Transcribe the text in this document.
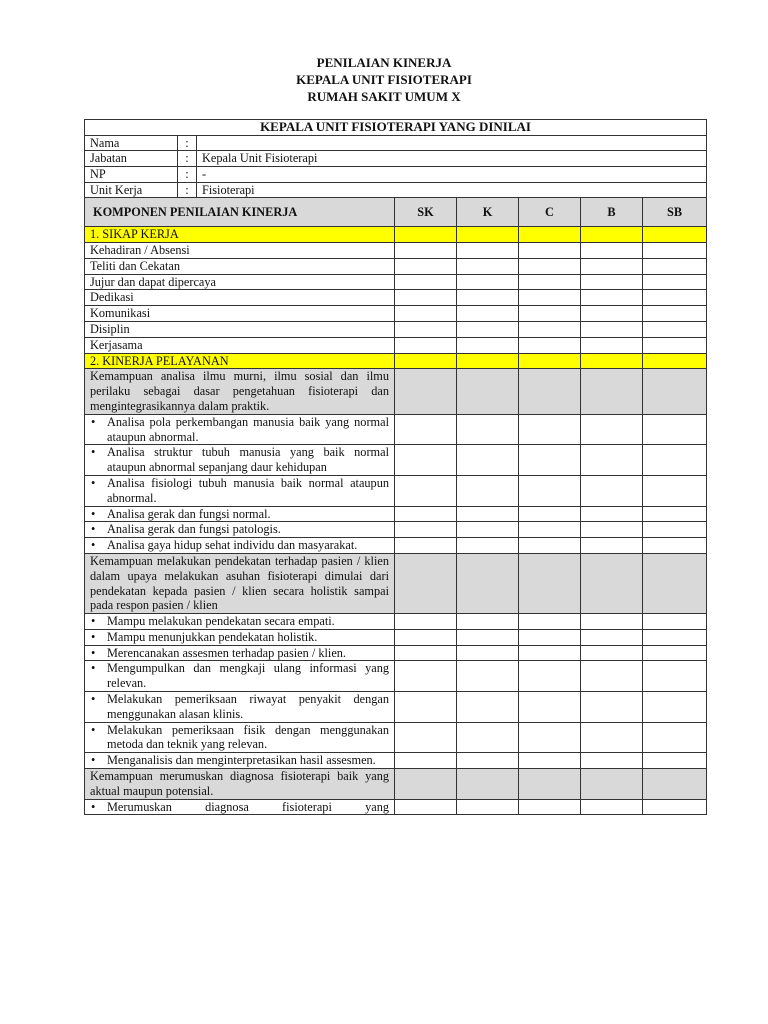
PENILAIAN KINERJA
KEPALA UNIT FISIOTERAPI
RUMAH SAKIT UMUM X
KEPALA UNIT FISIOTERAPI YANG DINILAI							
Nama	:						
Jabatan	:	Kepala Unit Fisioterapi					
NP	:	-					
Unit Kerja	:	Fisioterapi					
KOMPONEN PENILAIAN KINERJA			SK	K	C	B	SB
1. SIKAP KERJA							
Kehadiran / Absensi							
Teliti dan Cekatan							
Jujur dan dapat dipercaya							
Dedikasi							
Komunikasi							
Disiplin							
Kerjasama							
2. KINERJA PELAYANAN							
Kemampuan analisa ilmu murni, ilmu sosial dan ilmu perilaku sebagai dasar pengetahuan fisioterapi dan mengintegrasikannya dalam praktik.							
• Analisa pola perkembangan manusia baik yang normal ataupun abnormal.					
• Analisa struktur tubuh manusia yang baik normal ataupun abnormal sepanjang daur kehidupan					
• Analisa fisiologi tubuh manusia baik normal ataupun abnormal.					
• Analisa gerak dan fungsi normal.					
• Analisa gerak dan fungsi patologis.					
• Analisa gaya hidup sehat individu dan masyarakat.					
Kemampuan melakukan pendekatan terhadap pasien / klien dalam upaya melakukan asuhan fisioterapi dimulai dari pendekatan kepada pasien / klien secara holistik sampai pada respon pasien / klien							
• Mampu melakukan pendekatan secara empati.					
• Mampu menunjukkan pendekatan holistik.					
• Merencanakan assesmen terhadap pasien / klien.					
• Mengumpulkan dan mengkaji ulang informasi yang relevan.					
• Melakukan pemeriksaan riwayat penyakit dengan menggunakan alasan klinis.					
• Melakukan pemeriksaan fisik dengan menggunakan metoda dan teknik yang relevan.					
• Menganalisis dan menginterpretasikan hasil assesmen.					
Kemampuan merumuskan diagnosa fisioterapi baik yang aktual maupun potensial.							
• Merumuskan diagnosa fisioterapi yang					
